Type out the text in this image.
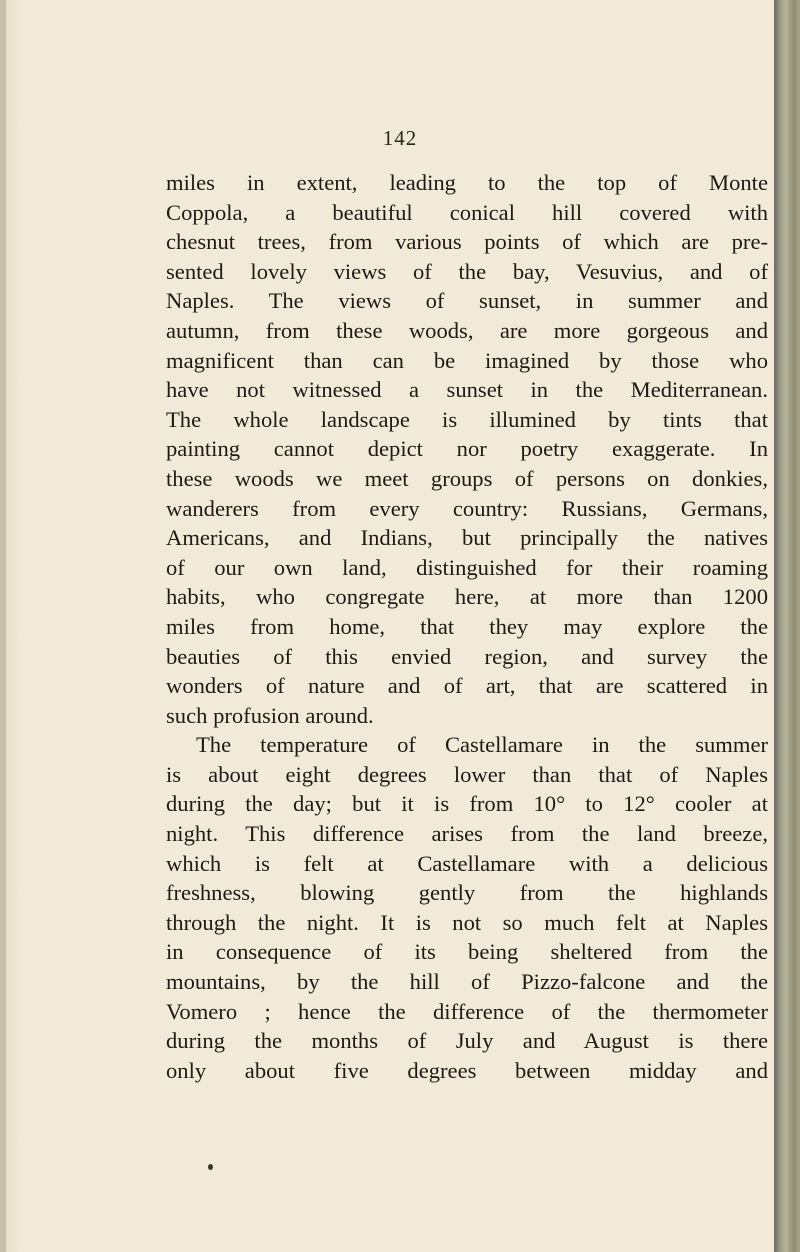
142
miles in extent, leading to the top of Monte
Coppola, a beautiful conical hill covered with
chesnut trees, from various points of which are pre-
sented lovely views of the bay, Vesuvius, and of
Naples. The views of sunset, in summer and
autumn, from these woods, are more gorgeous and
magnificent than can be imagined by those who
have not witnessed a sunset in the Mediterranean.
The whole landscape is illumined by tints that
painting cannot depict nor poetry exaggerate. In
these woods we meet groups of persons on donkies,
wanderers from every country: Russians, Germans,
Americans, and Indians, but principally the natives
of our own land, distinguished for their roaming
habits, who congregate here, at more than 1200
miles from home, that they may explore the
beauties of this envied region, and survey the
wonders of nature and of art, that are scattered in
such profusion around.
The temperature of Castellamare in the summer
is about eight degrees lower than that of Naples
during the day; but it is from 10° to 12° cooler at
night. This difference arises from the land breeze,
which is felt at Castellamare with a delicious
freshness, blowing gently from the highlands
through the night. It is not so much felt at Naples
in consequence of its being sheltered from the
mountains, by the hill of Pizzo-falcone and the
Vomero ; hence the difference of the thermometer
during the months of July and August is there
only about five degrees between midday and
